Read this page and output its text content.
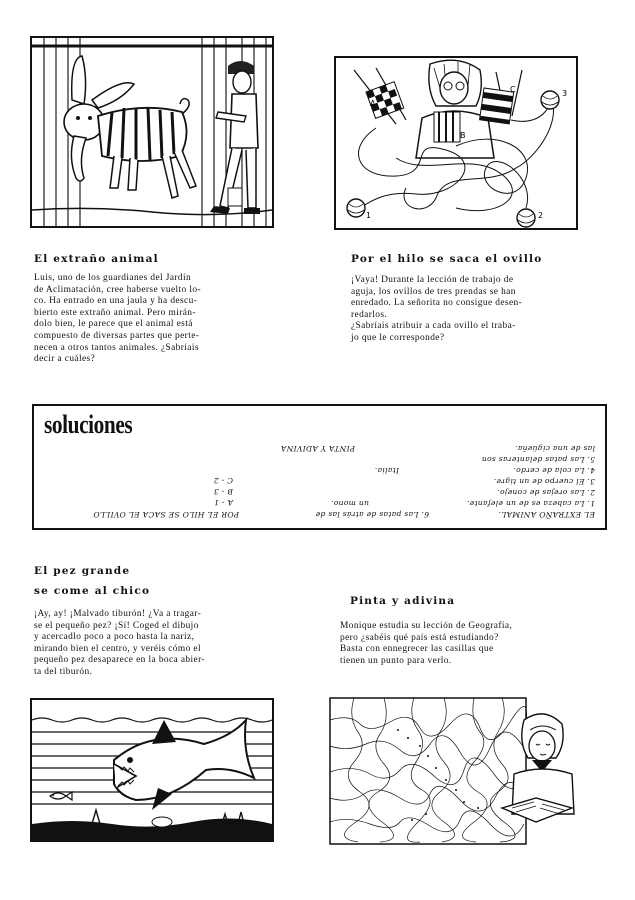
A
B
C
1	2
3
El extraño animal
Luis, uno de los guardianes del Jardín
de Aclimatación, cree haberse vuelto lo-
co. Ha entrado en una jaula y ha descu-
bierto este extraño animal. Pero mirán-
dolo bien, le parece que el animal está
compuesto de diversas partes que perte-
necen a otros tantos animales. ¿Sabríais
decir a cuáles?
Por el hilo se saca el ovillo
¡Vaya! Durante la lección de trabajo de
aguja, los ovillos de tres prendas se han
enredado. La señorita no consigue desen-
redarlos.
¿Sabríais atribuir a cada ovillo el traba-
jo que le corresponde?
soluciones
EL EXTRAÑO ANIMAL.
1. La cabeza es de un elefante.
2. Las orejas de conejo.
3. El cuerpo de un tigre.
4. La cola de cerdo.
5. Las patas delanteras son
las de una cigüeña.
6. Las patas de atrás las de
un mono.
Italia.
PINTA Y ADIVINA
POR EL HILO SE SACA EL OVILLO
A - 1
B - 3
C - 2
El pez grande
se come al chico
¡Ay, ay! ¡Malvado tiburón! ¿Va a tragar-
se el pequeño pez? ¡Sí! Coged el dibujo
y acercadlo poco a poco hasta la nariz,
mirando bien el centro, y veréis cómo el
pequeño pez desaparece en la boca abier-
ta del tiburón.
Pinta y adivina
Monique estudia su lección de Geografía,
pero ¿sabéis qué país está estudiando?
Basta con ennegrecer las casillas que
tienen un punto para verlo.
